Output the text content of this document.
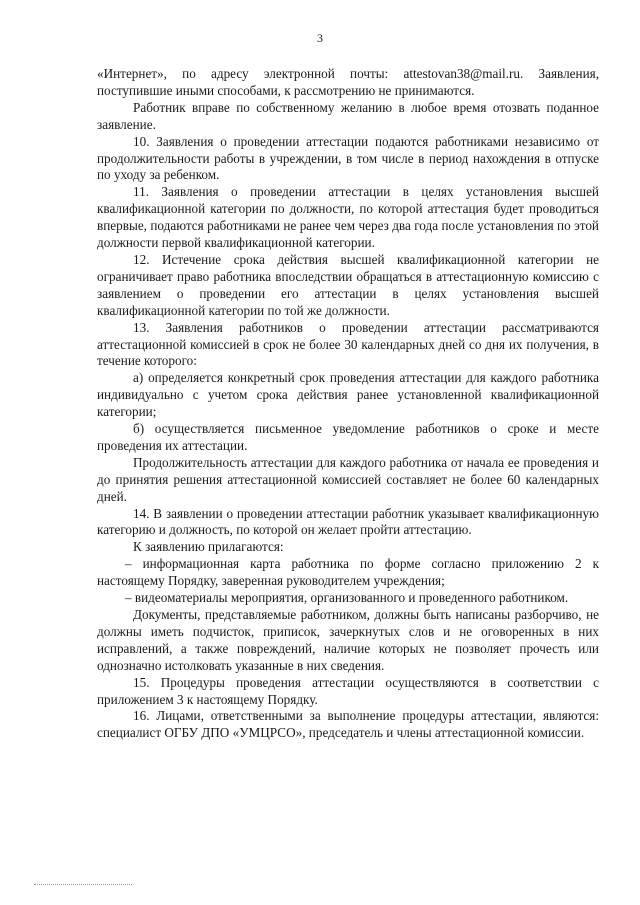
3

«Интернет», по адресу электронной почты: attestovan38@mail.ru. Заявления, поступившие иными способами, к рассмотрению не принимаются.

Работник вправе по собственному желанию в любое время отозвать поданное заявление.

10. Заявления о проведении аттестации подаются работниками независимо от продолжительности работы в учреждении, в том числе в период нахождения в отпуске по уходу за ребенком.

11. Заявления о проведении аттестации в целях установления высшей квалификационной категории по должности, по которой аттестация будет проводиться впервые, подаются работниками не ранее чем через два года после установления по этой должности первой квалификационной категории.

12. Истечение срока действия высшей квалификационной категории не ограничивает право работника впоследствии обращаться в аттестационную комиссию с заявлением о проведении его аттестации в целях установления высшей квалификационной категории по той же должности.

13. Заявления работников о проведении аттестации рассматриваются аттестационной комиссией в срок не более 30 календарных дней со дня их получения, в течение которого:

а) определяется конкретный срок проведения аттестации для каждого работника индивидуально с учетом срока действия ранее установленной квалификационной категории;

б) осуществляется письменное уведомление работников о сроке и месте проведения их аттестации.

Продолжительность аттестации для каждого работника от начала ее проведения и до принятия решения аттестационной комиссией составляет не более 60 календарных дней.

14. В заявлении о проведении аттестации работник указывает квалификационную категорию и должность, по которой он желает пройти аттестацию.

К заявлению прилагаются:

– информационная карта работника по форме согласно приложению 2 к настоящему Порядку, заверенная руководителем учреждения;

– видеоматериалы мероприятия, организованного и проведенного работником.

Документы, представляемые работником, должны быть написаны разборчиво, не должны иметь подчисток, приписок, зачеркнутых слов и не оговоренных в них исправлений, а также повреждений, наличие которых не позволяет прочесть или однозначно истолковать указанные в них сведения.

15. Процедуры проведения аттестации осуществляются в соответствии с приложением 3 к настоящему Порядку.

16. Лицами, ответственными за выполнение процедуры аттестации, являются: специалист ОГБУ ДПО «УМЦРСО», председатель и члены аттестационной комиссии.
